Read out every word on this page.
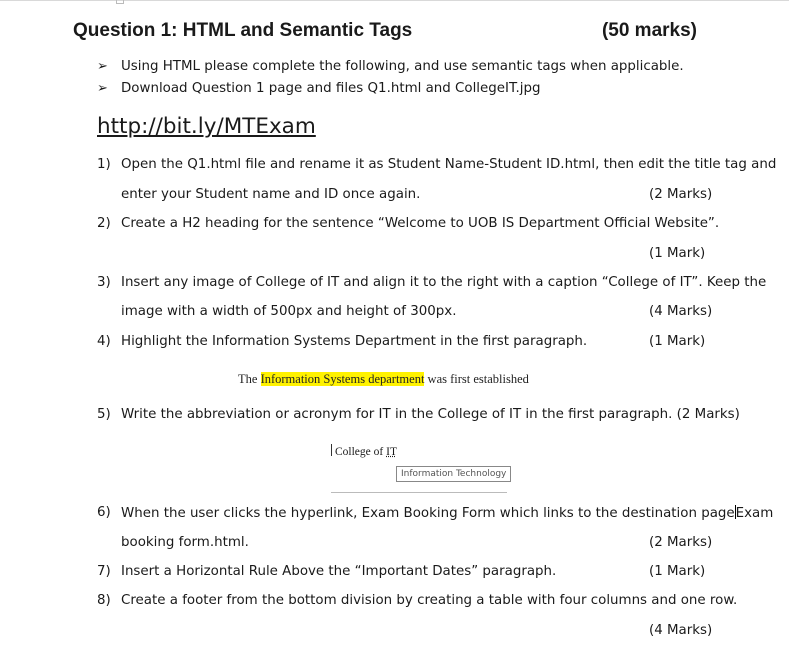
Question 1: HTML and Semantic Tags	(50 marks)
➢ Using HTML please complete the following, and use semantic tags when applicable.
➢ Download Question 1 page and files Q1.html and CollegeIT.jpg
http://bit.ly/MTExam
1) Open the Q1.html file and rename it as Student Name-Student ID.html, then edit the title tag and
enter your Student name and ID once again.	(2 Marks)
2) Create a H2 heading for the sentence “Welcome to UOB IS Department Official Website”.
(1 Mark)
3) Insert any image of College of IT and align it to the right with a caption “College of IT”. Keep the
image with a width of 500px and height of 300px.	(4 Marks)
4) Highlight the Information Systems Department in the first paragraph.	(1 Mark)
The Information Systems department was first established
5) Write the abbreviation or acronym for IT in the College of IT in the first paragraph. (2 Marks)
College of IT
Information Technology
6) When the user clicks the hyperlink, Exam Booking Form which links to the destination pageExam
booking form.html.	(2 Marks)
7) Insert a Horizontal Rule Above the “Important Dates” paragraph.	(1 Mark)
8) Create a footer from the bottom division by creating a table with four columns and one row.
(4 Marks)
